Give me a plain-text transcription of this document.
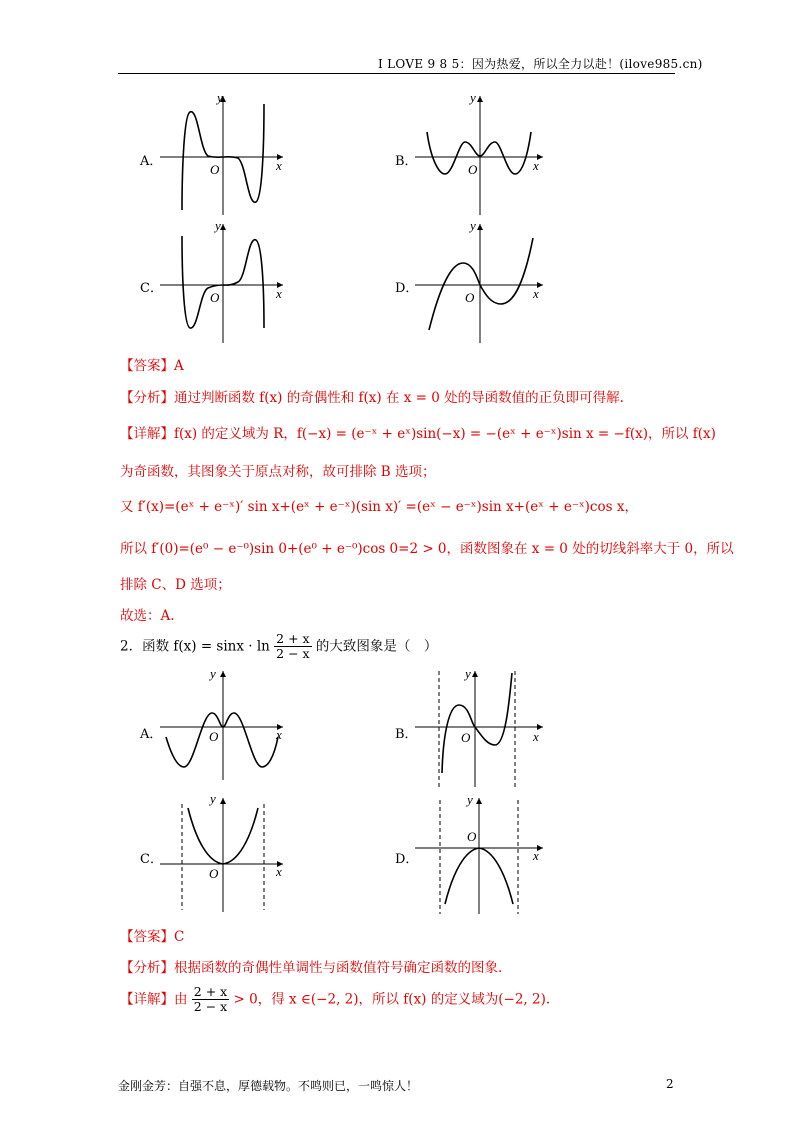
I LOVE 9 8 5：因为热爱，所以全力以赴！(ilove985.cn)
A．
y
x
O
B．
y
x
O
C．
y
x
O
D．
y
x
O
【答案】A
【分析】通过判断函数 f(x) 的奇偶性和 f(x) 在 x = 0 处的导函数值的正负即可得解.
【详解】f(x) 的定义域为 R，f(−x) = (e⁻ˣ + eˣ)sin(−x) = −(eˣ + e⁻ˣ)sin x = −f(x)，所以 f(x)
为奇函数，其图象关于原点对称，故可排除 B 选项；
又 f′(x)=(eˣ + e⁻ˣ)′ sin x+(eˣ + e⁻ˣ)(sin x)′ =(eˣ − e⁻ˣ)sin x+(eˣ + e⁻ˣ)cos x，
所以 f′(0)=(e⁰ − e⁻⁰)sin 0+(e⁰ + e⁻⁰)cos 0=2 > 0，函数图象在 x = 0 处的切线斜率大于 0，所以
排除 C、D 选项；
故选：A.
2．函数 $f(x) = \sin x \cdot \ln \frac{2 + x}{2 - x}$ 的大致图象是（　）
A．
y
x
O	B．
y
x
O
C．
y
x
O
D．
y
x
O
【答案】C
【分析】根据函数的奇偶性单调性与函数值符号确定函数的图象.
【详解】由 $\frac{2 + x}{2 - x} > 0$，得 x ∈(−2, 2)，所以 f(x) 的定义域为(−2, 2).
金刚金芳：自强不息，厚德载物。不鸣则已，一鸣惊人！	2
